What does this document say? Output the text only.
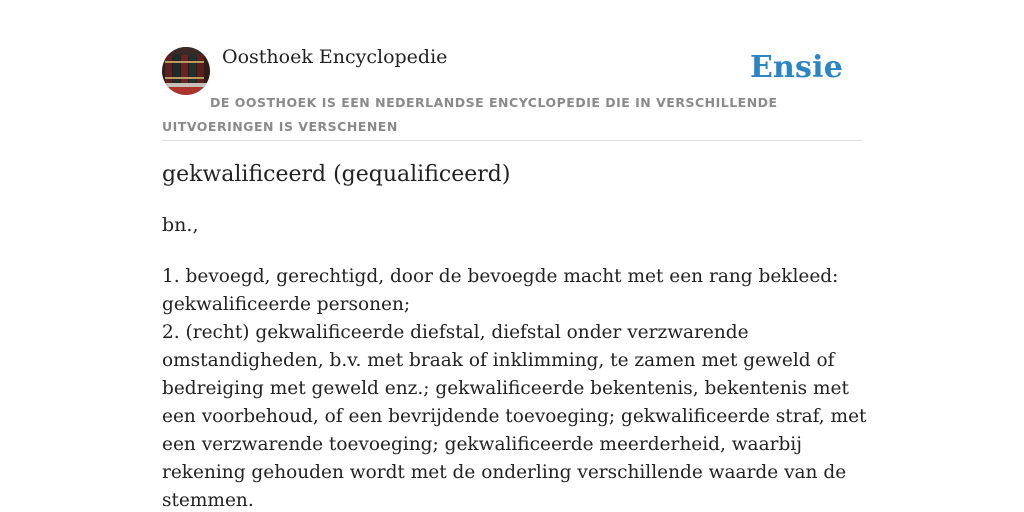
Oosthoek Encyclopedie	Ensie

DE OOSTHOEK IS EEN NEDERLANDSE ENCYCLOPEDIE DIE IN VERSCHILLENDE UITVOERINGEN IS VERSCHENEN

gekwalificeerd (gequalificeerd)

bn.,

1. bevoegd, gerechtigd, door de bevoegde macht met een rang bekleed: gekwalificeerde personen;
2. (recht) gekwalificeerde diefstal, diefstal onder verzwarende omstandigheden, b.v. met braak of inklimming, te zamen met geweld of bedreiging met geweld enz.; gekwalificeerde bekentenis, bekentenis met een voorbehoud, of een bevrijdende toevoeging; gekwalificeerde straf, met een verzwarende toevoeging; gekwalificeerde meerderheid, waarbij rekening gehouden wordt met de onderling verschillende waarde van de stemmen.
